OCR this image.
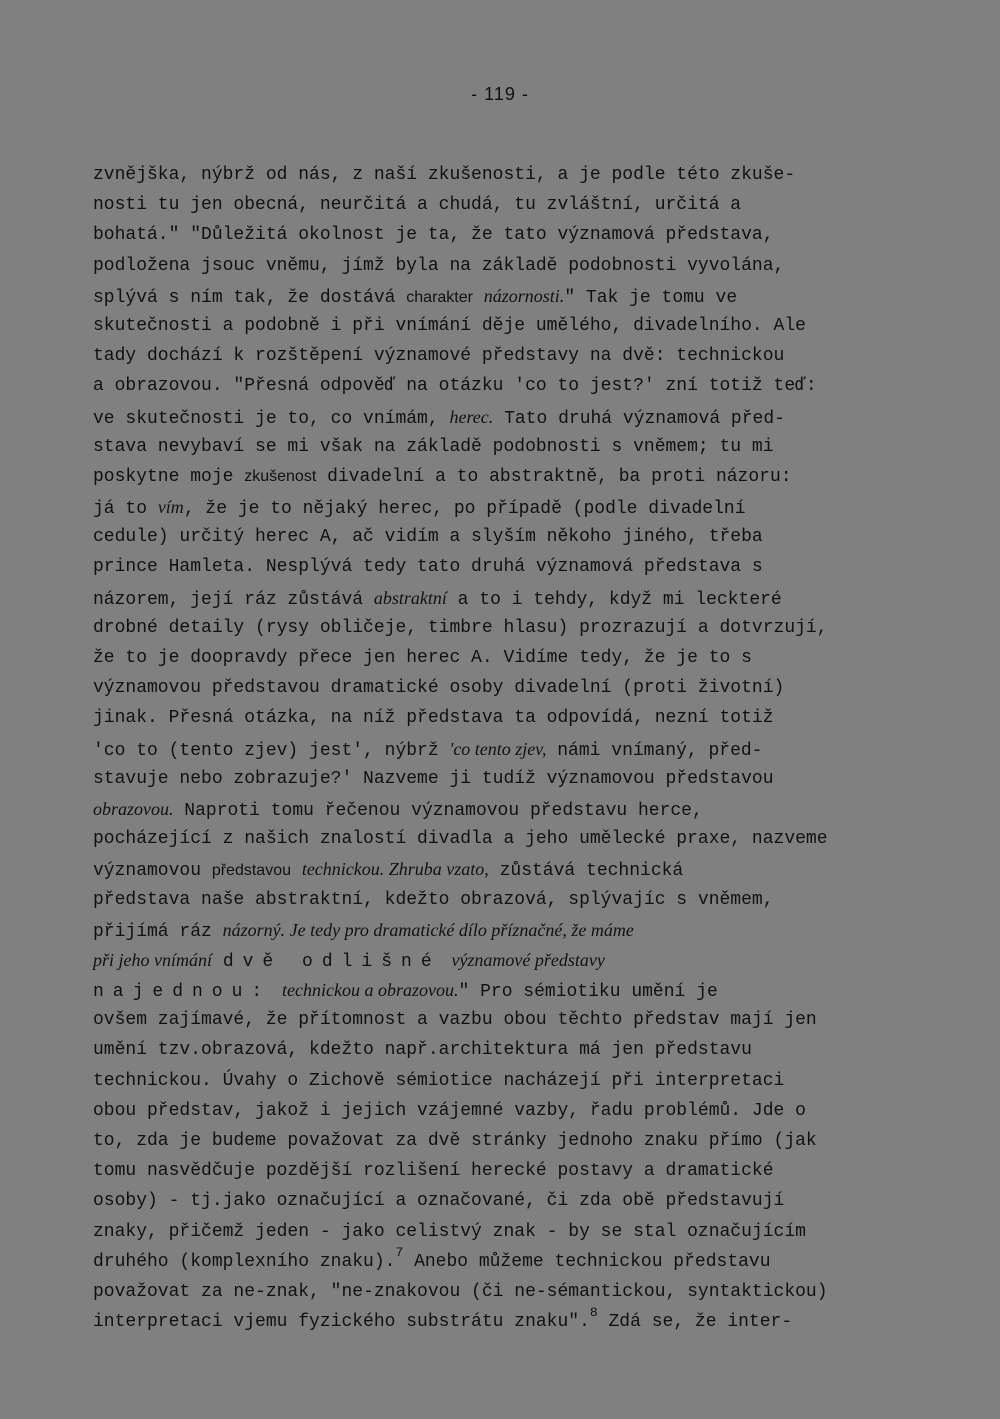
- 119 -
zvnějška, nýbrž od nás, z naší zkušenosti, a je podle této zkuše-
nosti tu jen obecná, neurčitá a chudá, tu zvláštní, určitá a
bohatá." "Důležitá okolnost je ta, že tato významová představa,
podložena jsouc vněmu, jímž byla na základě podobnosti vyvolána,
splývá s ním tak, že dostává charakter názornosti." Tak je tomu ve
skutečnosti a podobně i při vnímání děje umělého, divadelního. Ale
tady dochází k rozštěpení významové představy na dvě: technickou
a obrazovou. "Přesná odpověď na otázku 'co to jest?' zní totiž teď:
ve skutečnosti je to, co vnímám, herec. Tato druhá významová před-
stava nevybaví se mi však na základě podobnosti s vněmem; tu mi
poskytne moje zkušenost divadelní a to abstraktně, ba proti názoru:
já to vím, že je to nějaký herec, po případě (podle divadelní
cedule) určitý herec A, ač vidím a slyším někoho jiného, třeba
prince Hamleta. Nesplývá tedy tato druhá významová představa s
názorem, její ráz zůstává abstraktní a to i tehdy, když mi leckteré
drobné detaily (rysy obličeje, timbre hlasu) prozrazují a dotvrzují,
že to je doopravdy přece jen herec A. Vidíme tedy, že je to s
významovou představou dramatické osoby divadelní (proti životní)
jinak. Přesná otázka, na níž představa ta odpovídá, nezní totiž
'co to (tento zjev) jest', nýbrž 'co tento zjev, námi vnímaný, před-
stavuje nebo zobrazuje?' Nazveme ji tudíž významovou představou
obrazovou. Naproti tomu řečenou významovou představu herce,
pocházející z našich znalostí divadla a jeho umělecké praxe, nazveme
významovou představou technickou. Zhruba vzato, zůstává technická
představa naše abstraktní, kdežto obrazová, splývajíc s vněmem,
přijímá ráz názorný. Je tedy pro dramatické dílo příznačné, že máme
při jeho vnímání dvě odlišné významové představy
najednou: technickou a obrazovou." Pro sémiotiku umění je
ovšem zajímavé, že přítomnost a vazbu obou těchto představ mají jen
umění tzv.obrazová, kdežto např.architektura má jen představu
technickou. Úvahy o Zichově sémiotice nacházejí při interpretaci
obou představ, jakož i jejich vzájemné vazby, řadu problémů. Jde o
to, zda je budeme považovat za dvě stránky jednoho znaku přímo (jak
tomu nasvědčuje pozdější rozlišení herecké postavy a dramatické
osoby) - tj.jako označující a označované, či zda obě představují
znaky, přičemž jeden - jako celistvý znak - by se stal označujícím
druhého (komplexního znaku).$^7$ Anebo můžeme technickou představu
považovat za ne-znak, "ne-znakovou (či ne-sémantickou, syntaktickou)
interpretaci vjemu fyzického substrátu znaku".$^8$ Zdá se, že inter-
